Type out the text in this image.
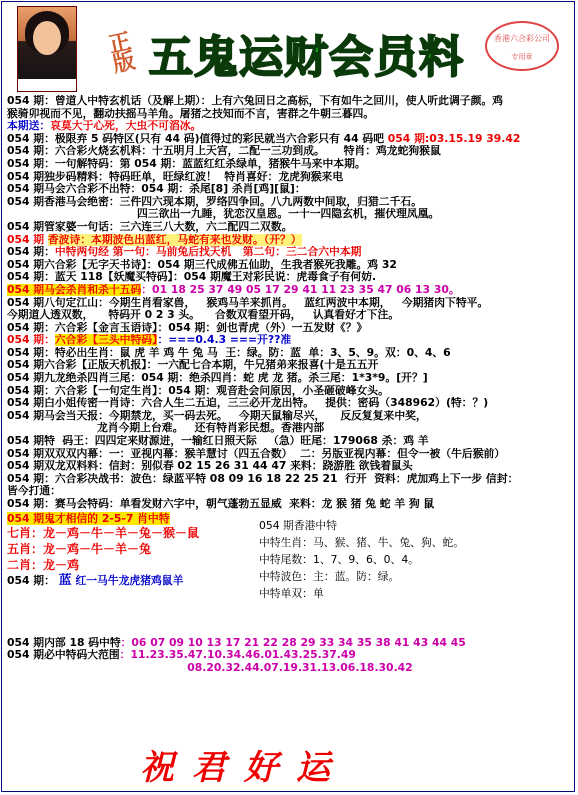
正版 五鬼运财会员料	香港六合彩公司
专用章
054 期：曾道人中特玄机话（及解上期）：上有六兔回日之高标，下有如牛之回川，使人听此调子颜。鸡
猴骑卯视而不见，翻动扶摇马羊角。屠猪之技知而不言，害群之牛朝三暮四。
本期送：哀莫大于心死，大虫不可滔冰。
054 期：极限弃 5 码特区(只有 44 码)值得过的彩民就当六合彩只有 44 码吧 054 期:03.15.19 39.42
054 期：六合彩火烧玄机料：十五明月上天宫，二配一三功到成。 特肖：鸡龙蛇狗猴鼠
054 期：一句解特码：第 054 期：蓝蓝红红杀绿单，猪猴牛马来中本期。
054 期独步码精料：特码旺单，旺绿红波！ 特肖喜好：龙虎狗猴来电
054 期马会六合彩不出特：054 期：杀尾[8] 杀肖[鸡][鼠]：
054 期香港马会绝密：三件四六现本期，罗络四争回。八九两数中间取，归猎二千石。
四三欲出一九睡，犹恋汉皇恩。一十一四隐玄机，摧伏理凤凰。
054 期管家婆一句话：三六连三八大数，六二配四二双数。
054 期 香波诗：本期波色出蓝红，马蛇有来也发财。（开？）
054 期：中特两句经 第一句：马前兔后找天机 第二句：三二合六中本期
054 期六合彩【无字天书诗】：054 期三代成佛五仙助，生我者猴死我雕。鸡 32
054 期：蓝天 118【妖魔买特码】：054 期魔王对彩民说：虎毒食子有何妨.
054 期马会杀肖和杀十五码：01 18 25 37 49 05 17 29 41 11 23 35 47 06 13 30。
054 期八句定江山：今期生肖看家兽， 猴鸡马羊来抓肖。 蓝红两波中本期， 今期猪肉下特平。
今期道人透双数， 特码开 0 2 3 头。 合数双看望开码， 认真看好才下注。
054 期：六合彩【金言玉语诗】：054 期：剑也青虎（外）一五发财《？》
054 期：六合彩【三头中特码】：===0.4.3 ===开??准
054 期：特必出生肖：鼠 虎 羊 鸡 牛 兔 马 王：绿。防：蓝 单：3、5、9。双：0、4、6
054 期六合彩【正版天机报】：一六配七合本期，牛兄猪弟来报喜(十是五五开
054 期九龙绝杀四肖三尾：054 期：绝杀四肖：蛇 虎 龙 猪。杀三尾：1*3*9。[开？]
054 期：六合彩【一句定生肖】：054 期：观音赴会问原因，小圣砸破峰女头。
054 期白小姐传密一肖诗：六合人生二五迫，三三必开龙出特。 提供：密码（348962）(特：？)
054 期马会当天报：今期禁龙，买一码去死。 今期天鼠输尽兴， 反反复复来中奖，
龙肖今期上台难。 还有特肖彩民想。香港内部
054 期特 码王：四四定来财源进，一输红日照天际 （急）旺尾：179068 杀：鸡 羊
054 期双双双内幕：一：亚视内幕：猴羊慧讨（四五合数） 二：另版亚视内幕：但令一被（牛后猴前）
054 期双龙双料料：信封：别似春 02 15 26 31 44 47 来料：跷游胜 欲钱着鼠头
054 期：六合彩决战书：波色：绿蓝平特 08 09 16 18 22 25 21 行开 资料：虎加鸡上下一步 信封：
皆今打通：
054 期：赛马会特码：单看发财六字中，朝气蓬勃五显威 来料：龙 猴 猪 兔 蛇 羊 狗 鼠
054 期鬼才相信的 2-5-7 肖中特
七肖：龙－鸡－牛－羊－兔－猴－鼠
五肖：龙－鸡－牛－羊－兔
二肖：龙－鸡
054 期： 蓝 红一马牛龙虎猪鸡鼠羊
054 期香港中特
中特生肖：马、猴、猪、牛、兔、狗、蛇。
中特尾数：1、7、9、6、0、4。
中特波色：主：蓝。防：绿。
中特单双：单
054 期内部 18 码中特：06 07 09 10 13 17 21 22 28 29 33 34 35 38 41 43 44 45
054 期必中特码大范围：11.23.35.47.10.34.46.01.43.25.37.49
08.20.32.44.07.19.31.13.06.18.30.42
祝君好运
